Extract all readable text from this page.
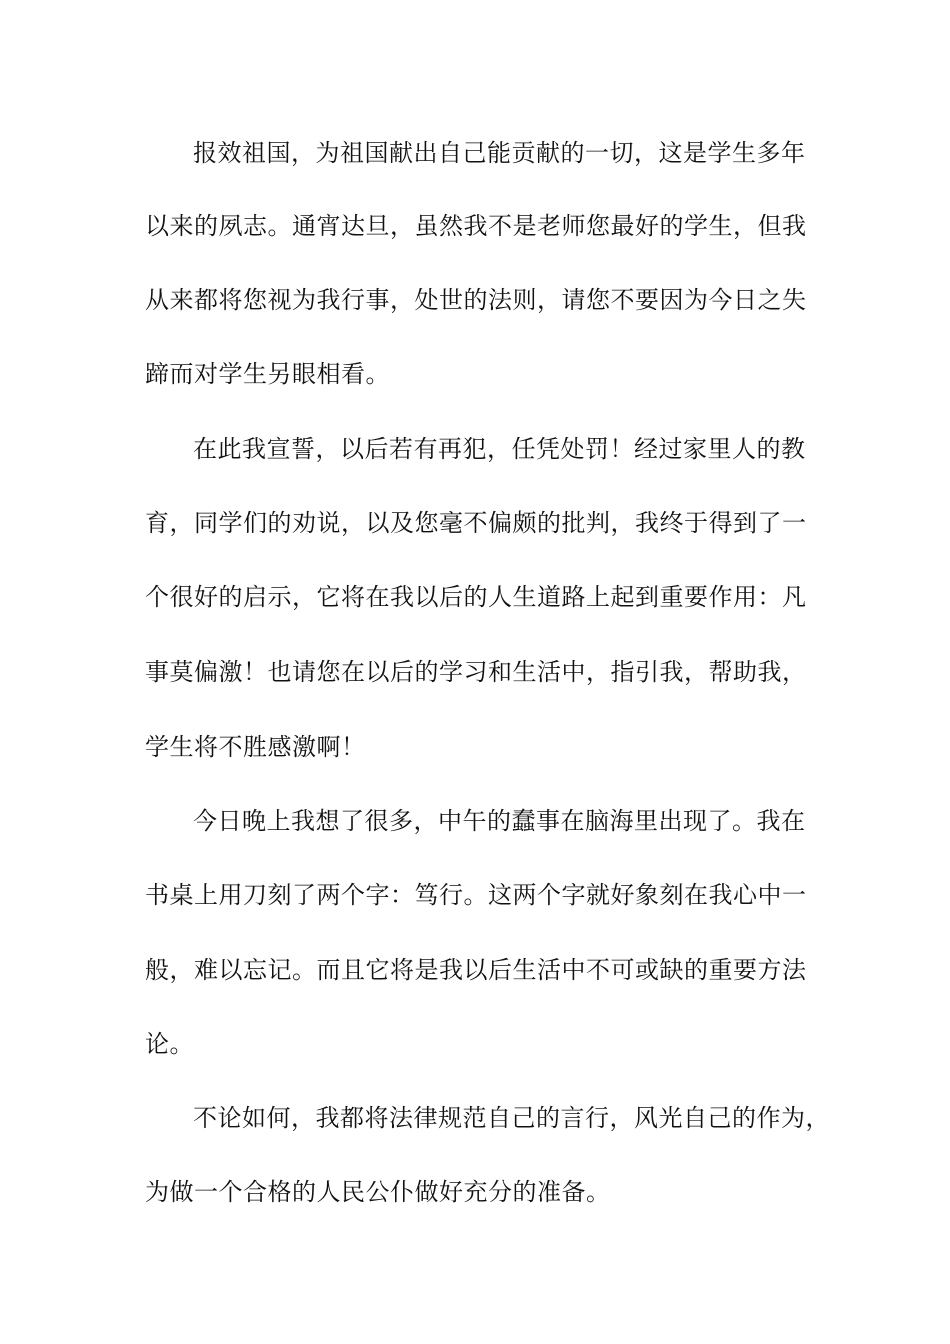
报效祖国，为祖国献出自己能贡献的一切，这是学生多年
以来的夙志。通宵达旦，虽然我不是老师您最好的学生，但我
从来都将您视为我行事，处世的法则，请您不要因为今日之失
蹄而对学生另眼相看。
在此我宣誓，以后若有再犯，任凭处罚！经过家里人的教
育，同学们的劝说，以及您毫不偏颇的批判，我终于得到了一
个很好的启示，它将在我以后的人生道路上起到重要作用：凡
事莫偏激！也请您在以后的学习和生活中，指引我，帮助我，
学生将不胜感激啊！
今日晚上我想了很多，中午的蠢事在脑海里出现了。我在
书桌上用刀刻了两个字：笃行。这两个字就好象刻在我心中一
般，难以忘记。而且它将是我以后生活中不可或缺的重要方法
论。
不论如何，我都将法律规范自己的言行，风光自己的作为，
为做一个合格的人民公仆做好充分的准备。
